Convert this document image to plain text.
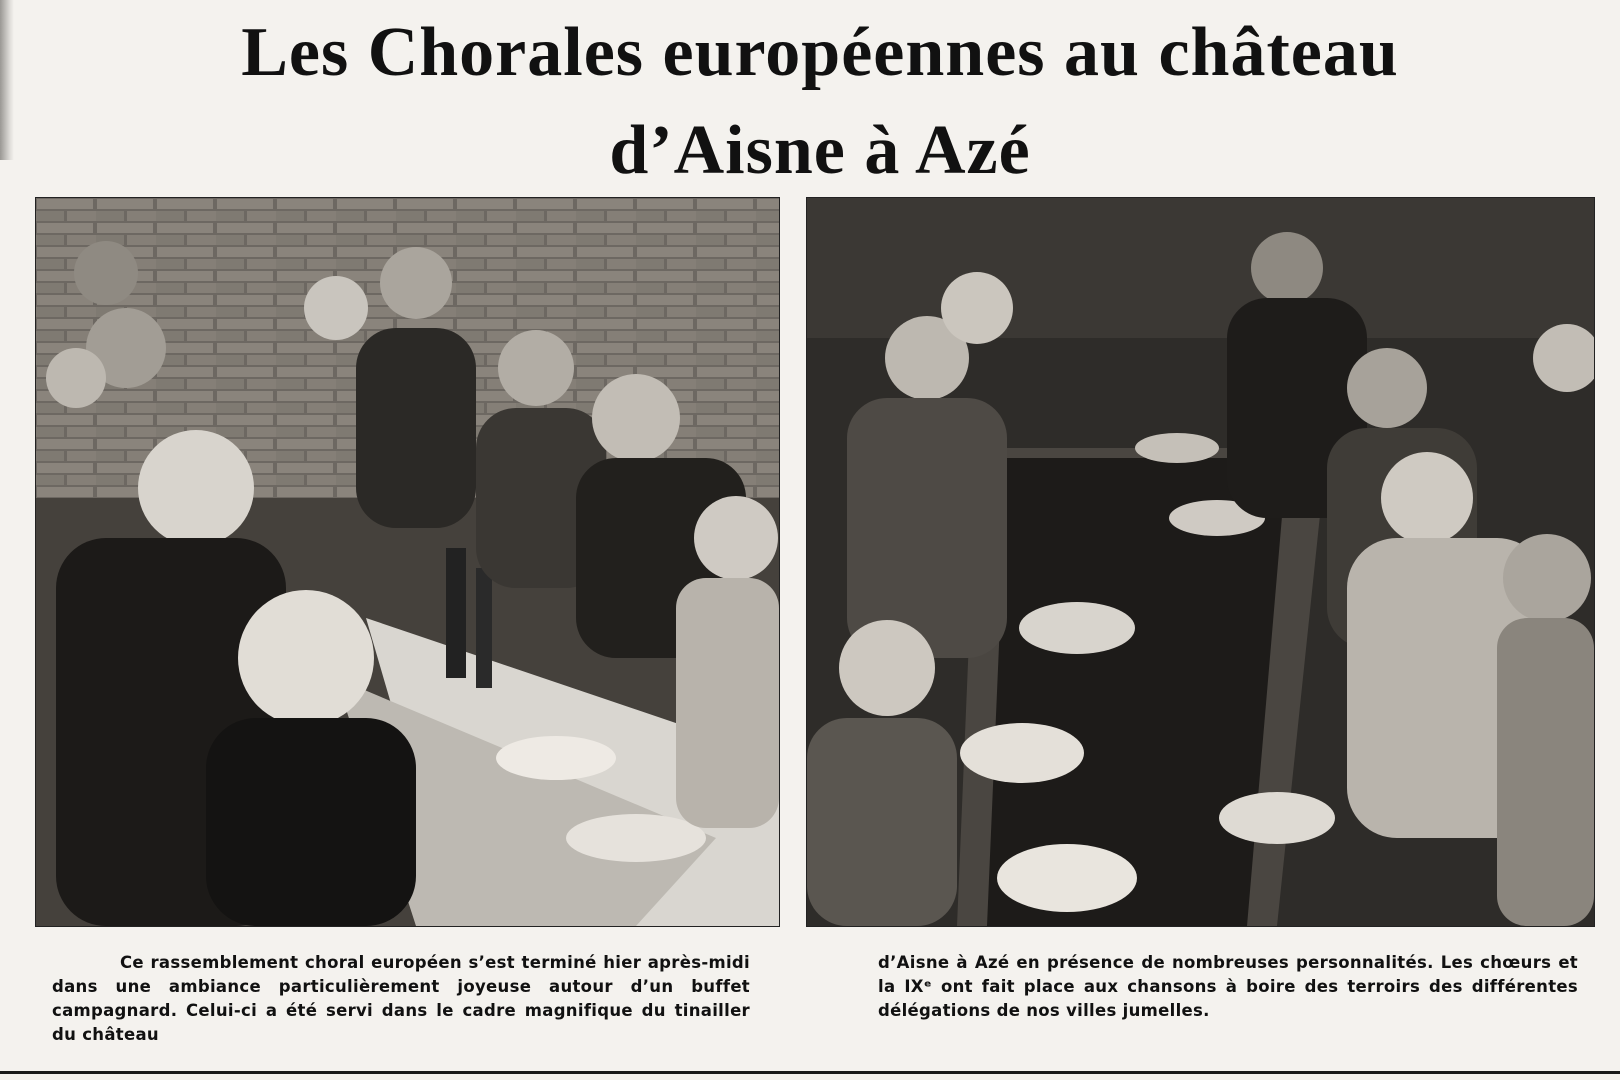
Les Chorales européennes au château
d’Aisne à Azé

Ce rassemblement choral européen s’est terminé hier après-midi dans une ambiance particulièrement joyeuse autour d’un buffet campagnard. Celui-ci a été servi dans le cadre magnifique du tinailler du château

d’Aisne à Azé en présence de nombreuses personnalités. Les chœurs et la IXᵉ ont fait place aux chansons à boire des terroirs des différentes délégations de nos villes jumelles.
